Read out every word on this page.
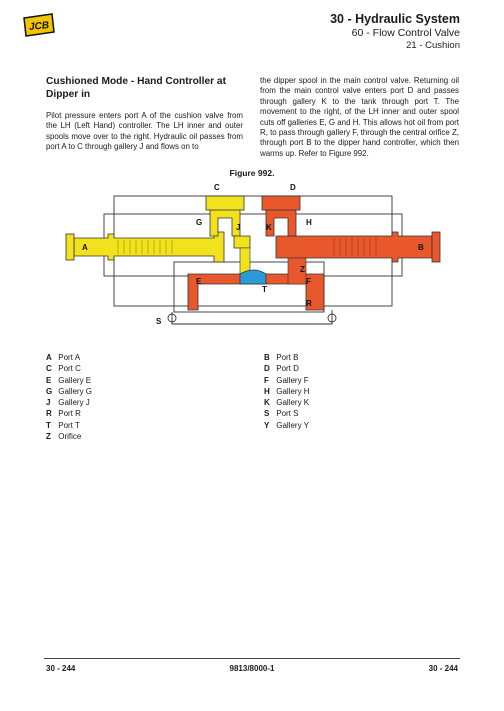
JCB
30 - Hydraulic System
60 - Flow Control Valve
21 - Cushion

Cushioned Mode - Hand Controller at Dipper in

Pilot pressure enters port A of the cushion valve from the LH (Left Hand) controller. The LH inner and outer spools move over to the right. Hydraulic oil passes from port A to C through gallery J and flows on to

the dipper spool in the main control valve. Returning oil from the main control valve enters port D and passes through gallery K to the tank through port T. The movement to the right, of the LH inner and outer spool cuts off galleries E, G and H. This allows hot oil from port R, to pass through gallery F, through the central orifice Z, through port B to the dipper hand controller, which then warms up. Refer to Figure 992.

Figure 992.
C	D
G
J	K
H
A	B
E	F
T
Z
R
S
A Port A
C Port C
E Gallery E
G Gallery G
J Gallery J
R Port R
T Port T
Z Orifice
B Port B
D Port D
F Gallery F
H Gallery H
K Gallery K
S Port S
Y Gallery Y
30 - 244	9813/8000-1	30 - 244
